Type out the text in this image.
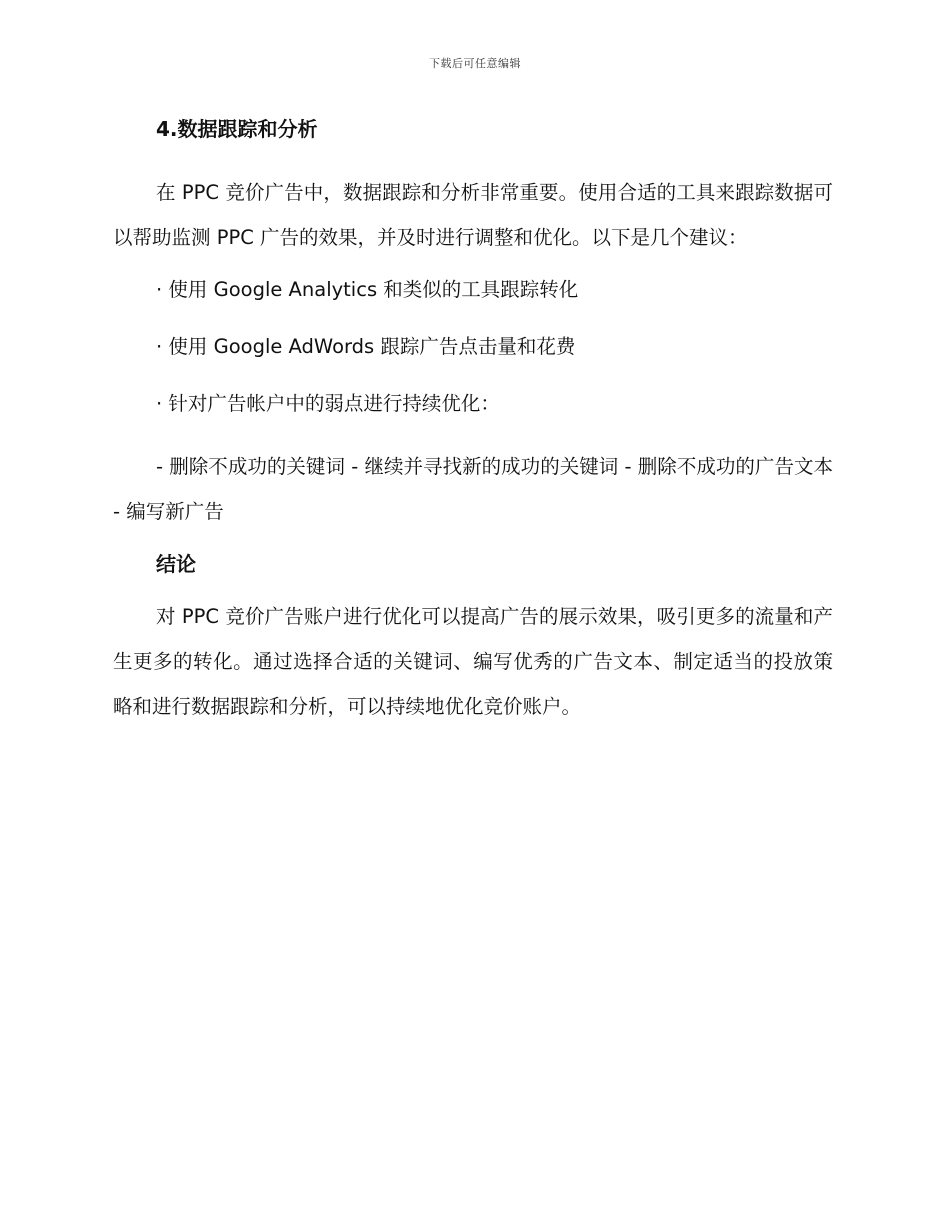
下载后可任意编辑
4.数据跟踪和分析

在 PPC 竞价广告中，数据跟踪和分析非常重要。使用合适的工具来跟踪数据可以帮助监测 PPC 广告的效果，并及时进行调整和优化。以下是几个建议：

· 使用 Google Analytics 和类似的工具跟踪转化
· 使用 Google AdWords 跟踪广告点击量和花费
· 针对广告帐户中的弱点进行持续优化：

- 删除不成功的关键词 - 继续并寻找新的成功的关键词 - 删除不成功的广告文本 - 编写新广告

结论

对 PPC 竞价广告账户进行优化可以提高广告的展示效果，吸引更多的流量和产生更多的转化。通过选择合适的关键词、编写优秀的广告文本、制定适当的投放策略和进行数据跟踪和分析，可以持续地优化竞价账户。
